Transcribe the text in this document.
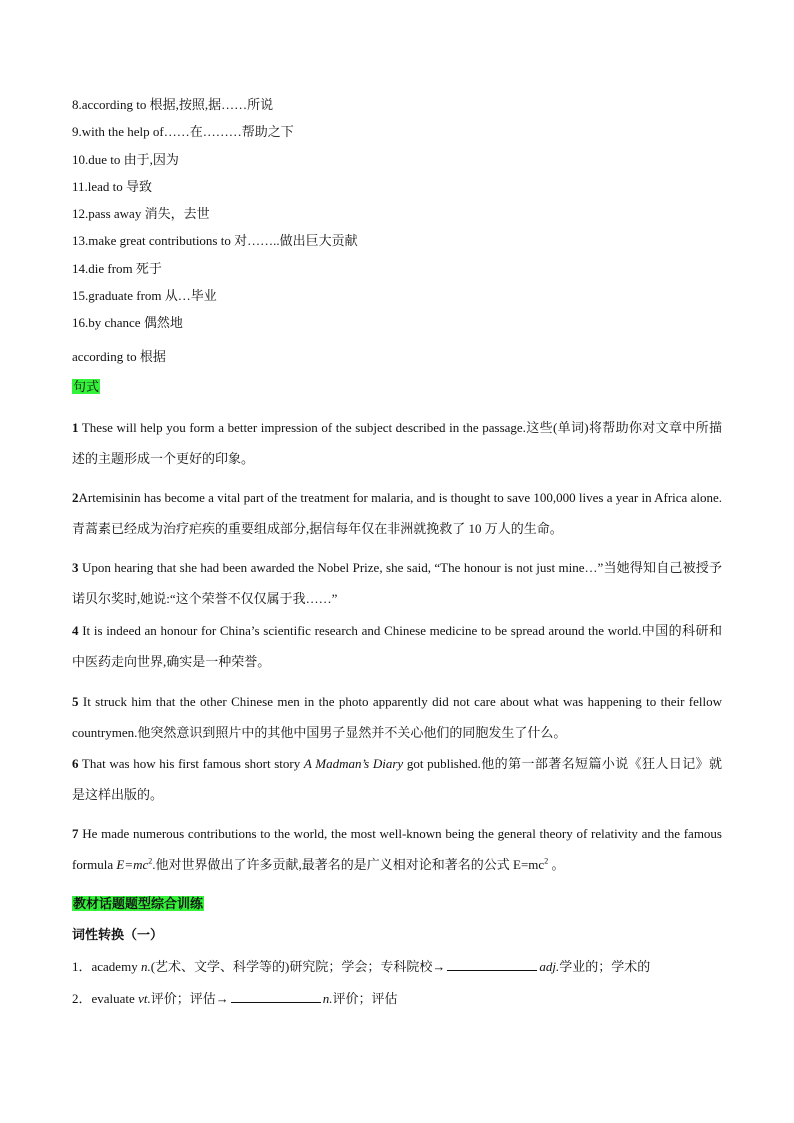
8.according to 根据,按照,据……所说
9.with the help of……在………帮助之下
10.due to 由于,因为
11.lead to 导致
12.pass away 消失，去世
13.make great contributions to 对……..做出巨大贡献
14.die from 死于
15.graduate from 从…毕业
16.by chance 偶然地
according to 根据
句式
1 These will help you form a better impression of the subject described in the passage.这些(单词)将帮助你对文章中所描述的主题形成一个更好的印象。
2Artemisinin has become a vital part of the treatment for malaria, and is thought to save 100,000 lives a year in Africa alone.青蒿素已经成为治疗疟疾的重要组成部分,据信每年仅在非洲就挽救了 10 万人的生命。
3 Upon hearing that she had been awarded the Nobel Prize, she said, “The honour is not just mine…”当她得知自己被授予诺贝尔奖时,她说:“这个荣誉不仅仅属于我……”
4 It is indeed an honour for China’s scientific research and Chinese medicine to be spread around the world.中国的科研和中医药走向世界,确实是一种荣誉。
5 It struck him that the other Chinese men in the photo apparently did not care about what was happening to their fellow countrymen.他突然意识到照片中的其他中国男子显然并不关心他们的同胞发生了什么。
6 That was how his first famous short story A Madman’s Diary got published.他的第一部著名短篇小说《狂人日记》就是这样出版的。
7 He made numerous contributions to the world, the most well-known being the general theory of relativity and the famous formula $E=mc^2$.他对世界做出了许多贡献,最著名的是广义相对论和著名的公式 $E=mc^2$ 。
教材话题题型综合训练
词性转换（一）
1．academy n.(艺术、文学、科学等的)研究院；学会；专科院校→	adj.学业的；学术的
2．evaluate vt.评价；评估→	n.评价；评估
